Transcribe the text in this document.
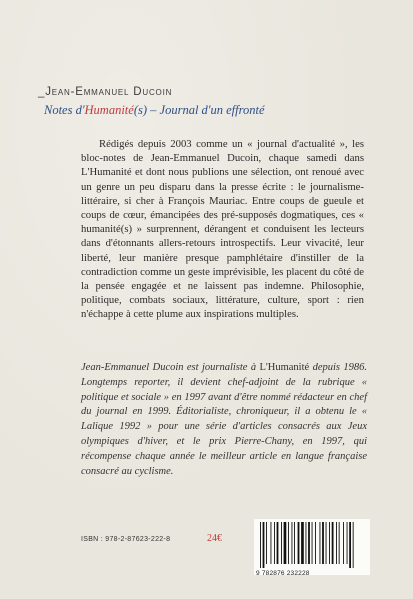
_Jean-Emmanuel Ducoin
Notes d'Humanité(s) – Journal d'un effronté

Rédigés depuis 2003 comme un « journal d'actualité », les bloc-notes de Jean-Emmanuel Ducoin, chaque samedi dans L'Humanité et dont nous publions une sélection, ont renoué avec un genre un peu disparu dans la presse écrite : le journalisme-littéraire, si cher à François Mauriac. Entre coups de gueule et coups de cœur, émancipées des pré-supposés dogmatiques, ces « humanité(s) » surprennent, dérangent et conduisent les lecteurs dans d'étonnants allers-retours introspectifs. Leur vivacité, leur liberté, leur manière presque pamphlétaire d'instiller de la contradiction comme un geste imprévisible, les placent du côté de la pensée engagée et ne laissent pas indemne. Philosophie, politique, combats sociaux, littérature, culture, sport : rien n'échappe à cette plume aux inspirations multiples.

Jean-Emmanuel Ducoin est journaliste à L'Humanité depuis 1986. Longtemps reporter, il devient chef-adjoint de la rubrique « politique et sociale » en 1997 avant d'être nommé rédacteur en chef du journal en 1999. Éditorialiste, chroniqueur, il a obtenu le « Lalique 1992 » pour une série d'articles consacrés aux Jeux olympiques d'hiver, et le prix Pierre-Chany, en 1997, qui récompense chaque année le meilleur article en langue française consacré au cyclisme.

ISBN : 978-2-87623-222-8	24€
9 782876 232228
